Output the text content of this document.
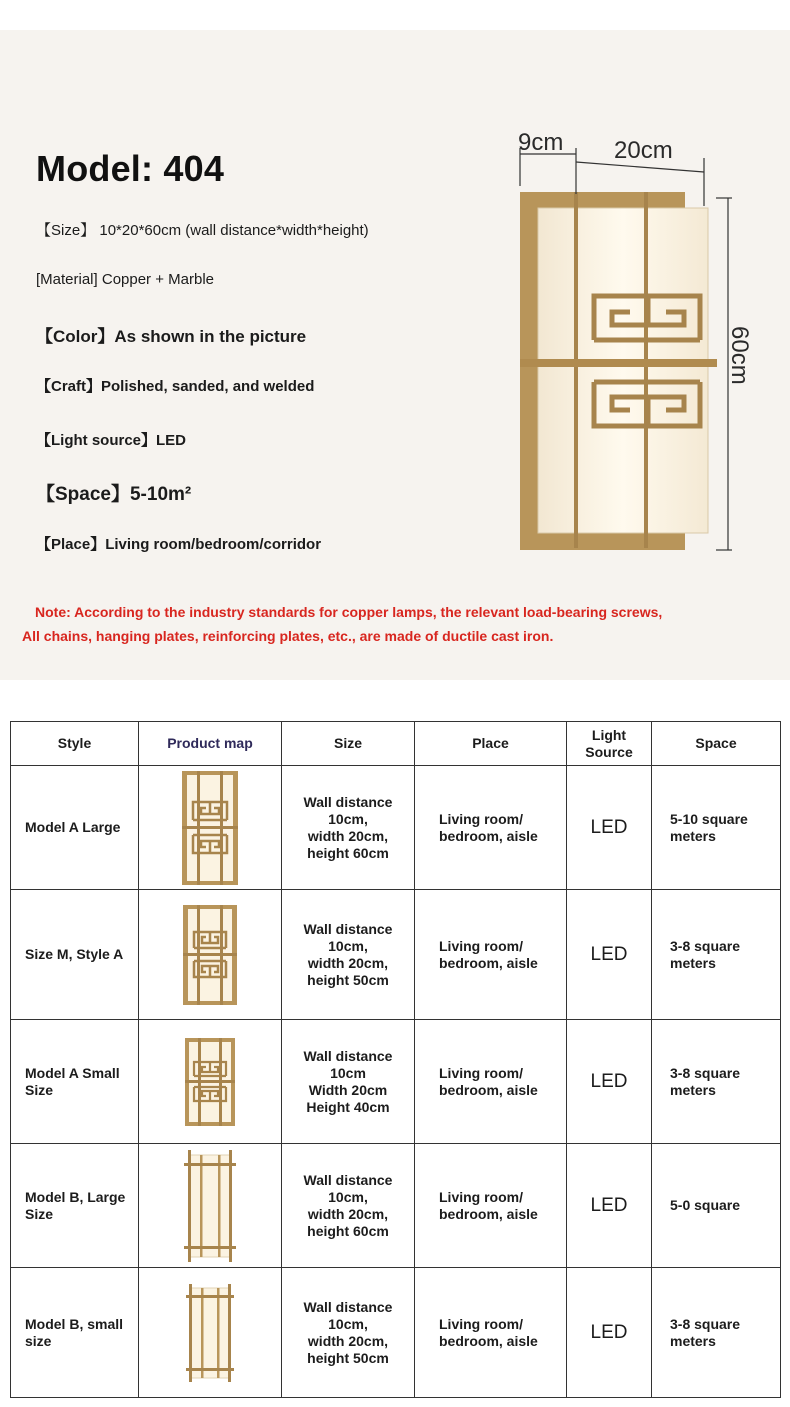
Model: 404
【Size】 10*20*60cm (wall distance*width*height)
[Material] Copper + Marble
【Color】As shown in the picture
【Craft】Polished, sanded, and welded
【Light source】LED
【Space】5-10m²
【Place】Living room/bedroom/corridor
Note: According to the industry standards for copper lamps, the relevant load-bearing screws,
All chains, hanging plates, reinforcing plates, etc., are made of ductile cast iron.
9cm 20cm
60cm
Style	Product map	Size	Place	Light Source	Space
Model A Large		Wall distance
10cm,
width 20cm,
height 60cm	Living room/
bedroom, aisle	LED	5-10 square
meters

Size M, Style A		Wall distance
10cm,
width 20cm,
height 50cm	Living room/
bedroom, aisle	LED	3-8 square
meters

Model A Small Size		Wall distance
10cm
Width 20cm
Height 40cm	Living room/
bedroom, aisle	LED	3-8 square
meters

Model B, Large Size		Wall distance
10cm,
width 20cm,
height 60cm	Living room/
bedroom, aisle	LED	5-0 square

Model B, small size		Wall distance
10cm,
width 20cm,
height 50cm	Living room/
bedroom, aisle	LED	3-8 square
meters
